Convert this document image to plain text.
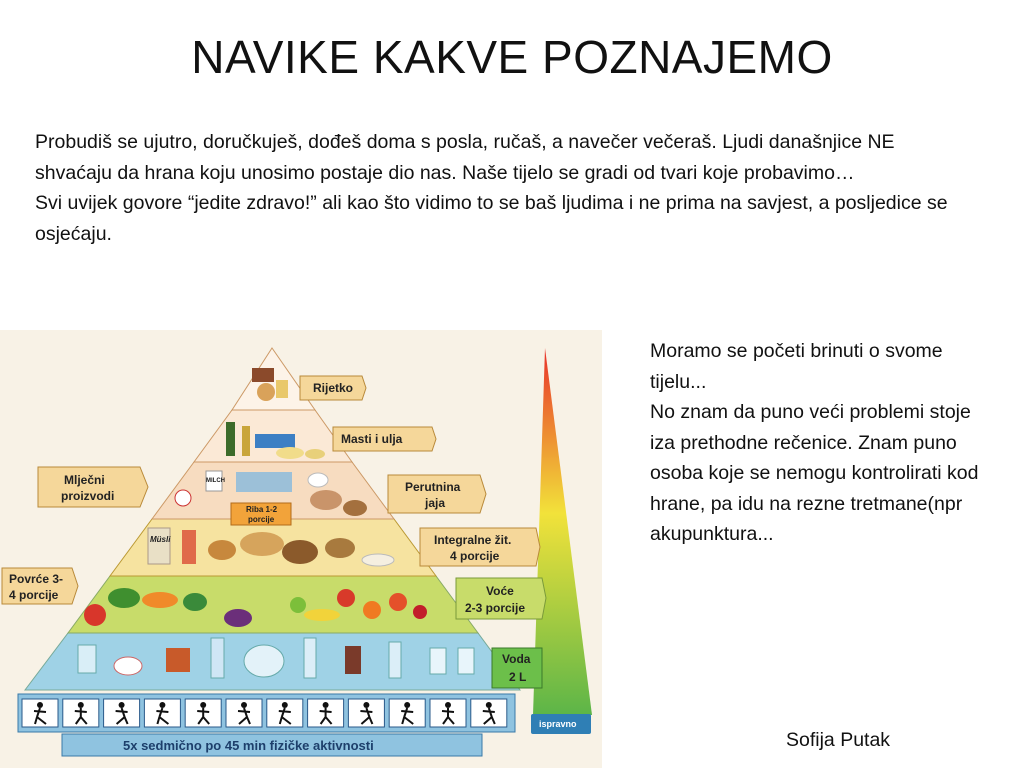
NAVIKE KAKVE POZNAJEMO
Probudiš se ujutro, doručkuješ, dođeš doma s posla, ručaš, a navečer večeraš. Ljudi današnjice NE shvaćaju da hrana koju unosimo postaje dio nas. Naše tijelo se gradi od tvari koje probavimo…
Svi uvijek govore “jedite zdravo!” ali kao što vidimo to se baš ljudima i ne prima na savjest, a posljedice se osjećaju.
ispravno
Rijetko
Masti i ulja
Mlječni
proizvodi
Perutnina
jaja
Riba 1-2
porcije
MILCH
Müsli	Integralne žit.
4 porcije
Povrće 3-
4 porcije	Voće
2-3 porcije
Voda
2 L
5x sedmično po 45 min fizičke aktivnosti
Moramo se početi brinuti o svome tijelu...
No znam da puno veći problemi stoje iza prethodne rečenice. Znam puno osoba koje se nemogu kontrolirati kod hrane, pa idu na rezne tretmane(npr akupunktura...
Sofija Putak
